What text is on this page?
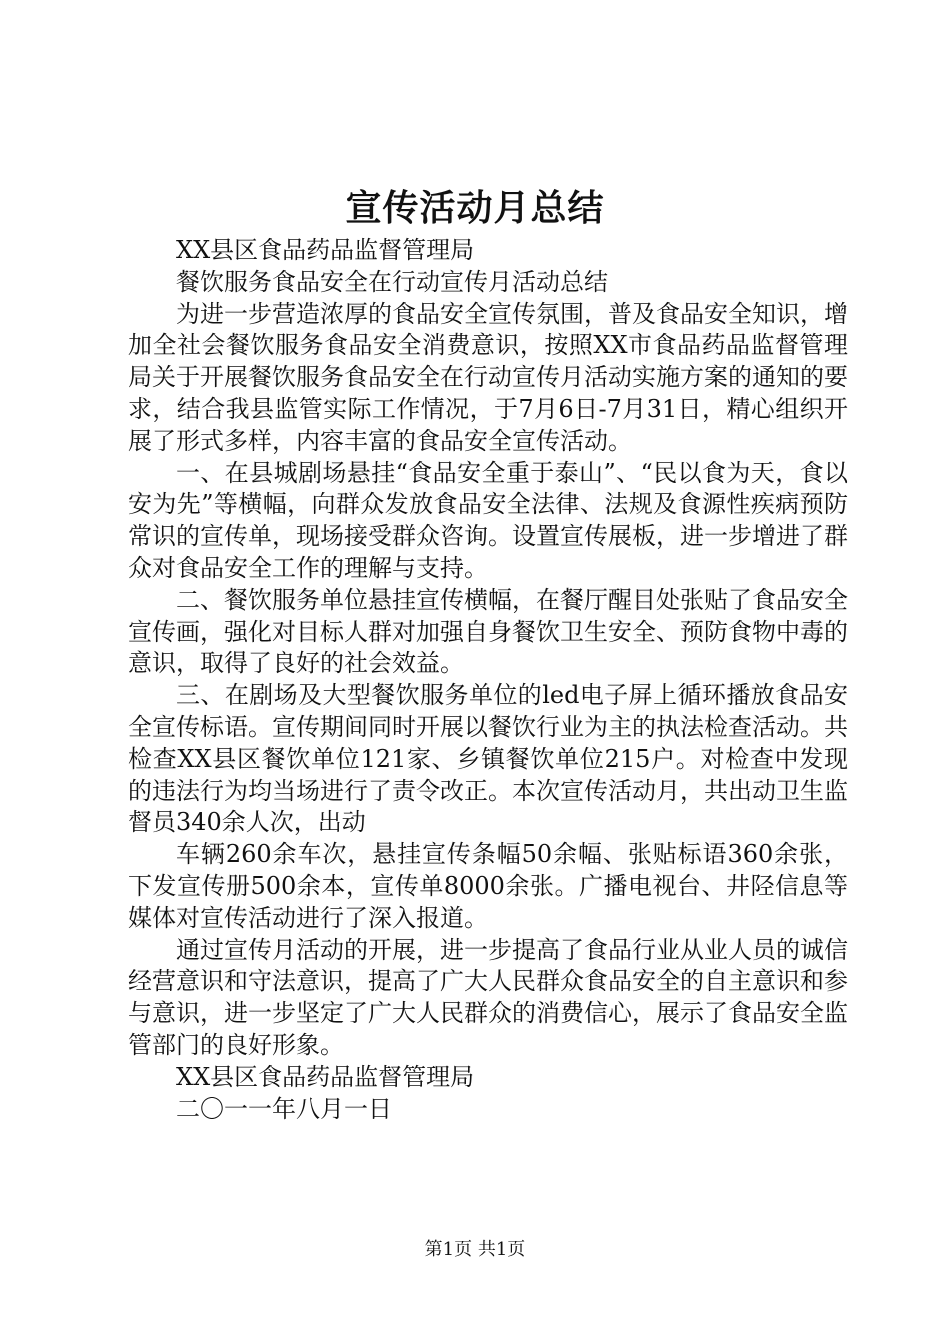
宣传活动月总结

XX县区食品药品监督管理局

餐饮服务食品安全在行动宣传月活动总结

为进一步营造浓厚的食品安全宣传氛围，普及食品安全知识，增加全社会餐饮服务食品安全消费意识，按照XX市食品药品监督管理局关于开展餐饮服务食品安全在行动宣传月活动实施方案的通知的要求，结合我县监管实际工作情况，于7月6日-7月31日，精心组织开展了形式多样，内容丰富的食品安全宣传活动。

一、在县城剧场悬挂“食品安全重于泰山”、“民以食为天，食以安为先”等横幅，向群众发放食品安全法律、法规及食源性疾病预防常识的宣传单，现场接受群众咨询。设置宣传展板，进一步增进了群众对食品安全工作的理解与支持。

二、餐饮服务单位悬挂宣传横幅，在餐厅醒目处张贴了食品安全宣传画，强化对目标人群对加强自身餐饮卫生安全、预防食物中毒的意识，取得了良好的社会效益。

三、在剧场及大型餐饮服务单位的led电子屏上循环播放食品安全宣传标语。宣传期间同时开展以餐饮行业为主的执法检查活动。共检查XX县区餐饮单位121家、乡镇餐饮单位215户。对检查中发现的违法行为均当场进行了责令改正。本次宣传活动月，共出动卫生监督员340余人次，出动

车辆260余车次，悬挂宣传条幅50余幅、张贴标语360余张，下发宣传册500余本，宣传单8000余张。广播电视台、井陉信息等媒体对宣传活动进行了深入报道。

通过宣传月活动的开展，进一步提高了食品行业从业人员的诚信经营意识和守法意识，提高了广大人民群众食品安全的自主意识和参与意识，进一步坚定了广大人民群众的消费信心，展示了食品安全监管部门的良好形象。

XX县区食品药品监督管理局

二〇一一年八月一日

第1页 共1页
